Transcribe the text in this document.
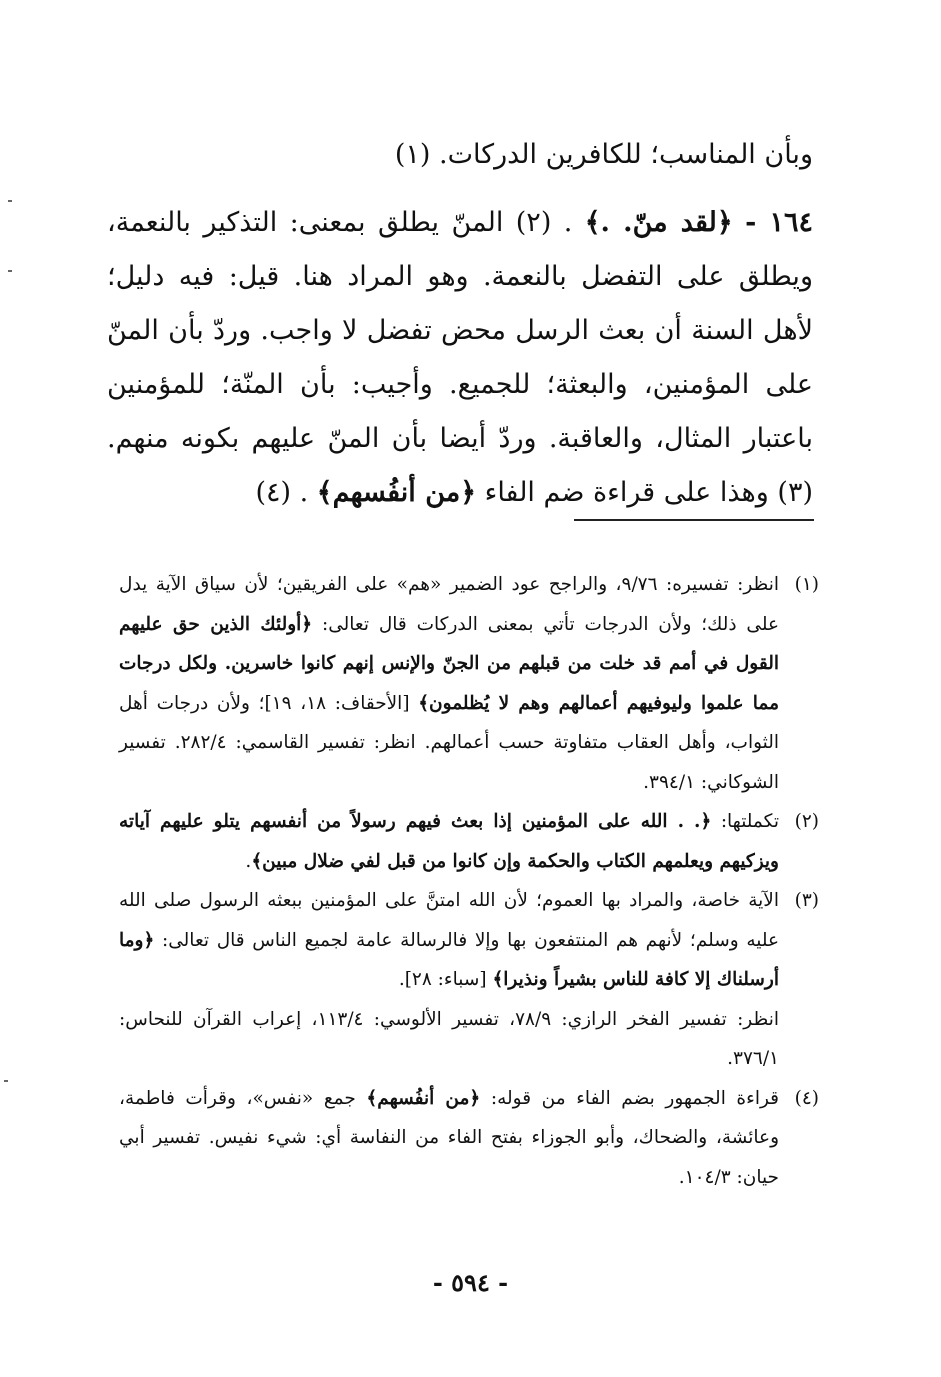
وبأن المناسب؛ للكافرين الدركات. (١)

١٦٤ - ﴿لقد منّ. .﴾ . (٢) المنّ يطلق بمعنى: التذكير بالنعمة، ويطلق على التفضل بالنعمة. وهو المراد هنا. قيل: فيه دليل؛ لأهل السنة أن بعث الرسل محض تفضل لا واجب. وردّ بأن المنّ على المؤمنين، والبعثة؛ للجميع. وأجيب: بأن المنّة؛ للمؤمنين باعتبار المثال، والعاقبة. وردّ أيضا بأن المنّ عليهم بكونه منهم. (٣) وهذا على قراءة ضم الفاء ﴿من أنفُسهم﴾ . (٤)

(١)
انظر: تفسيره: ٩/٧٦، والراجح عود الضمير «هم» على الفريقين؛ لأن سياق الآية يدل على ذلك؛ ولأن الدرجات تأتي بمعنى الدركات قال تعالى: ﴿أولئك الذين حق عليهم القول في أمم قد خلت من قبلهم من الجنّ والإنس إنهم كانوا خاسرين. ولكل درجات مما علموا وليوفيهم أعمالهم وهم لا يُظلمون﴾ [الأحقاف: ١٨، ١٩]؛ ولأن درجات أهل الثواب، وأهل العقاب متفاوتة حسب أعمالهم. انظر: تفسير القاسمي: ٢٨٢/٤. تفسير الشوكاني: ٣٩٤/١.
(٢)
تكملتها: ﴿. . الله على المؤمنين إذا بعث فيهم رسولاً من أنفسهم يتلو عليهم آياته ويزكيهم ويعلمهم الكتاب والحكمة وإن كانوا من قبل لفي ضلال مبين﴾.
(٣)

الآية خاصة، والمراد بها العموم؛ لأن الله امتنَّ على المؤمنين ببعثه الرسول صلى الله عليه وسلم؛ لأنهم هم المنتفعون بها وإلا فالرسالة عامة لجميع الناس قال تعالى: ﴿وما أرسلناك إلا كافة للناس بشيراً ونذيرا﴾ [سباء: ٢٨].

انظر: تفسير الفخر الرازي: ٧٨/٩، تفسير الألوسي: ١١٣/٤، إعراب القرآن للنحاس: ٣٧٦/١.

(٤)
قراءة الجمهور بضم الفاء من قوله: ﴿من أنفُسهم﴾ جمع «نفس»، وقرأت فاطمة، وعائشة، والضحاك، وأبو الجوزاء بفتح الفاء من النفاسة أي: شيء نفيس. تفسير أبي حيان: ١٠٤/٣.
- ٥٩٤ -
